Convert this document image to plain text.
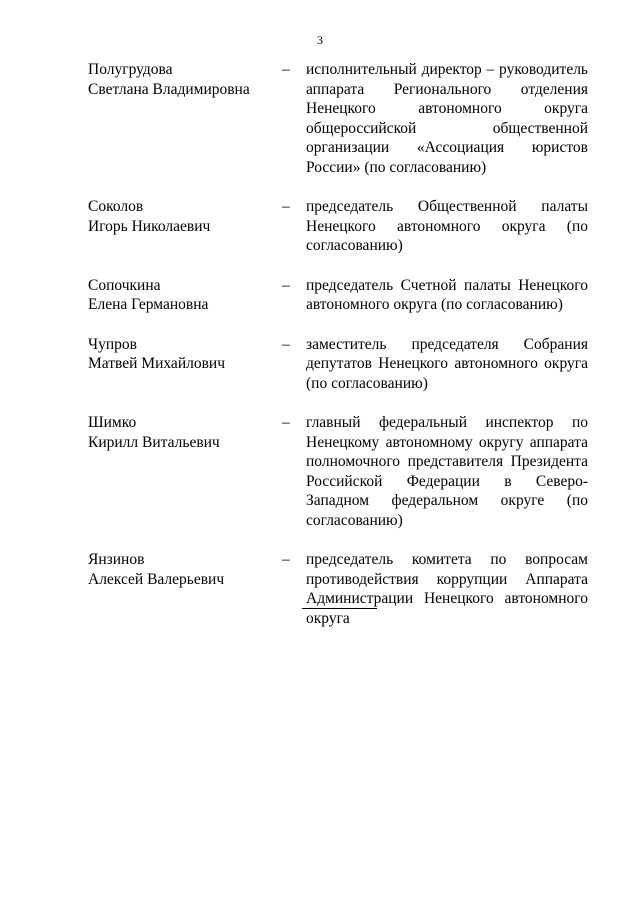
3
Полугрудова
Светлана Владимировна
–	исполнительный директор – руководитель аппарата Регионального отделения Ненецкого автономного округа общероссийской общественной организации «Ассоциация юристов России» (по согласованию)
Соколов
Игорь Николаевич
–	председатель Общественной палаты Ненецкого автономного округа (по согласованию)
Сопочкина
Елена Германовна
–	председатель Счетной палаты Ненецкого автономного округа (по согласованию)
Чупров
Матвей Михайлович
–	заместитель председателя Собрания депутатов Ненецкого автономного округа (по согласованию)
Шимко
Кирилл Витальевич
–	главный федеральный инспектор по Ненецкому автономному округу аппарата полномочного представителя Президента Российской Федерации в Северо-Западном федеральном округе (по согласованию)
Янзинов
Алексей Валерьевич
–	председатель комитета по вопросам противодействия коррупции Аппарата Администрации Ненецкого автономного округа
